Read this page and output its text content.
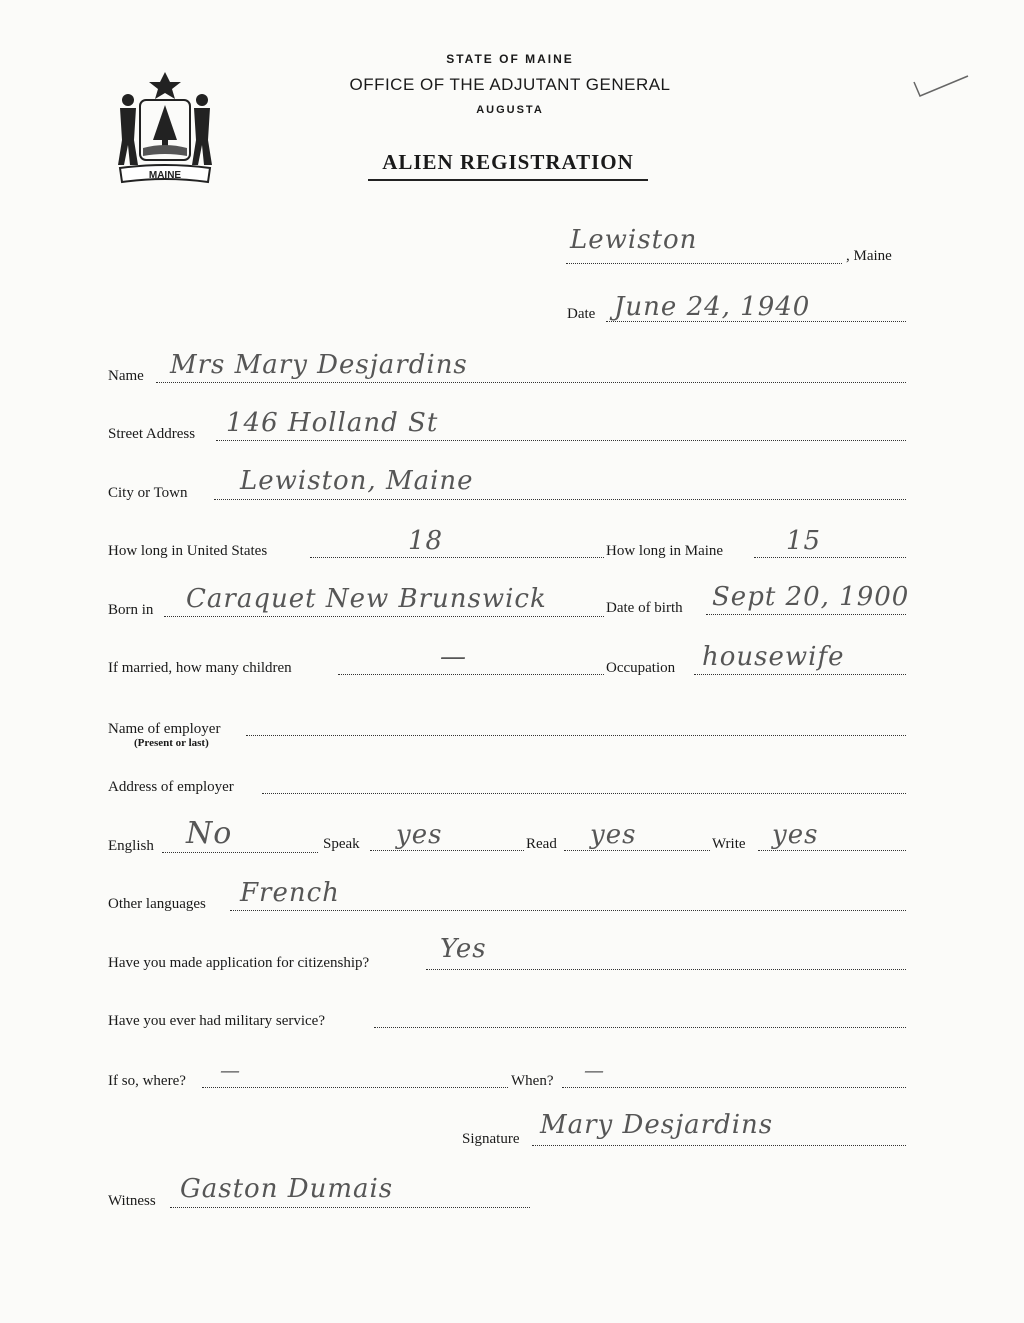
MAINE
STATE OF MAINE
OFFICE OF THE ADJUTANT GENERAL
AUGUSTA
ALIEN REGISTRATION
Lewiston
, Maine
Date June 24, 1940
Name Mrs Mary Desjardins
Street Address 146 Holland St
City or Town Lewiston, Maine
How long in United States	18	How long in Maine 15
Born in Caraquet New Brunswick	Date of birth Sept 20, 1900
If married, how many children	—	Occupation housewife
Name of employer
(Present or last)
Address of employer
English No	Speak yes	Read yes	Write yes
Other languages French
Have you made application for citizenship?	Yes
Have you ever had military service?
If so, where? —	When? —
Signature Mary Desjardins
Witness Gaston Dumais
